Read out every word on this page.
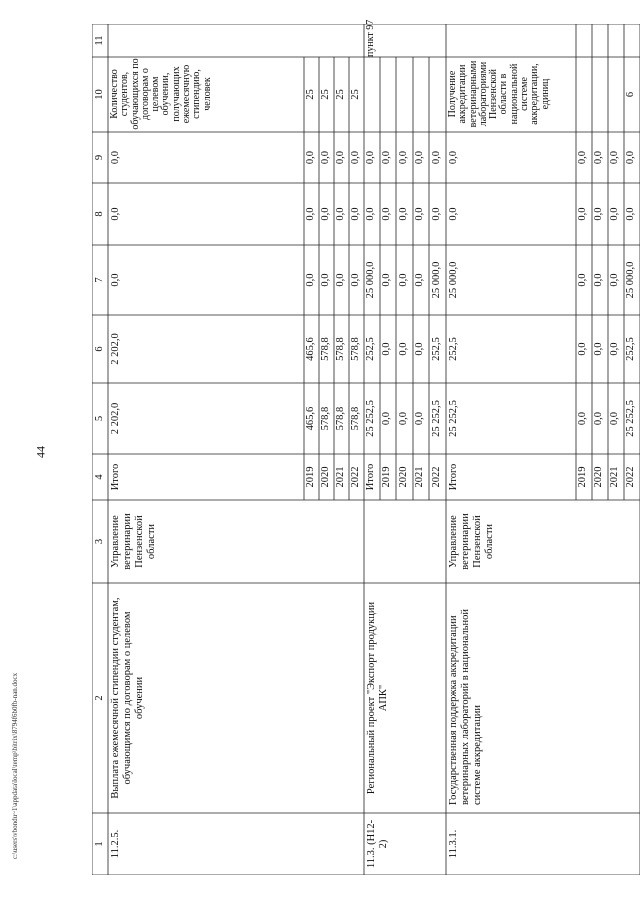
44
c:\users\vbondu~1\appdata\local\temp\bitrix\8794f6b0fb-nan.docx	1
2
3
4
5
6
7
8
9
10
11
11.2.5.
Выплата ежемесячной стипендии студентам, обучающимся по договорам о целевом обучении
Управление ветеринарии Пензенской области
Итого
2 202,0
2 202,0
0,0
0,0
0,0
Количество студентов, обучающихся по договорам о целевом обучении, получающих ежемесячную стипендию, человек
2019
465,6
465,6
0,0
0,0
0,0
25
2020
578,8
578,8
0,0
0,0
0,0
25
2021
578,8
578,8
0,0
0,0
0,0
25
2022
578,8
578,8
0,0
0,0
0,0
25
11.3. (Н12-2)
Региональный проект "Экспорт продукции АПК"
Итого
25 252,5
252,5
25 000,0
0,0
0,0
пункт 97
2019
0,0
0,0
0,0
0,0
0,0
2020
0,0
0,0
0,0
0,0
0,0
2021
0,0
0,0
0,0
0,0
0,0
2022
25 252,5
252,5
25 000,0
0,0
0,0
11.3.1.
Государственная поддержка аккредитации ветеринарных лабораторий в национальной системе аккредитации
Управление ветеринарии Пензенской области
Итого
25 252,5
252,5
25 000,0
0,0
0,0
Получение аккредитации ветеринарными лабораториями Пензенской области в национальной системе аккредитации, единиц
2019
0,0
0,0
0,0
0,0
0,0
2020
0,0
0,0
0,0
0,0
0,0
2021
0,0
0,0
0,0
0,0
0,0
2022
25 252,5
252,5
25 000,0
0,0
0,0
6
